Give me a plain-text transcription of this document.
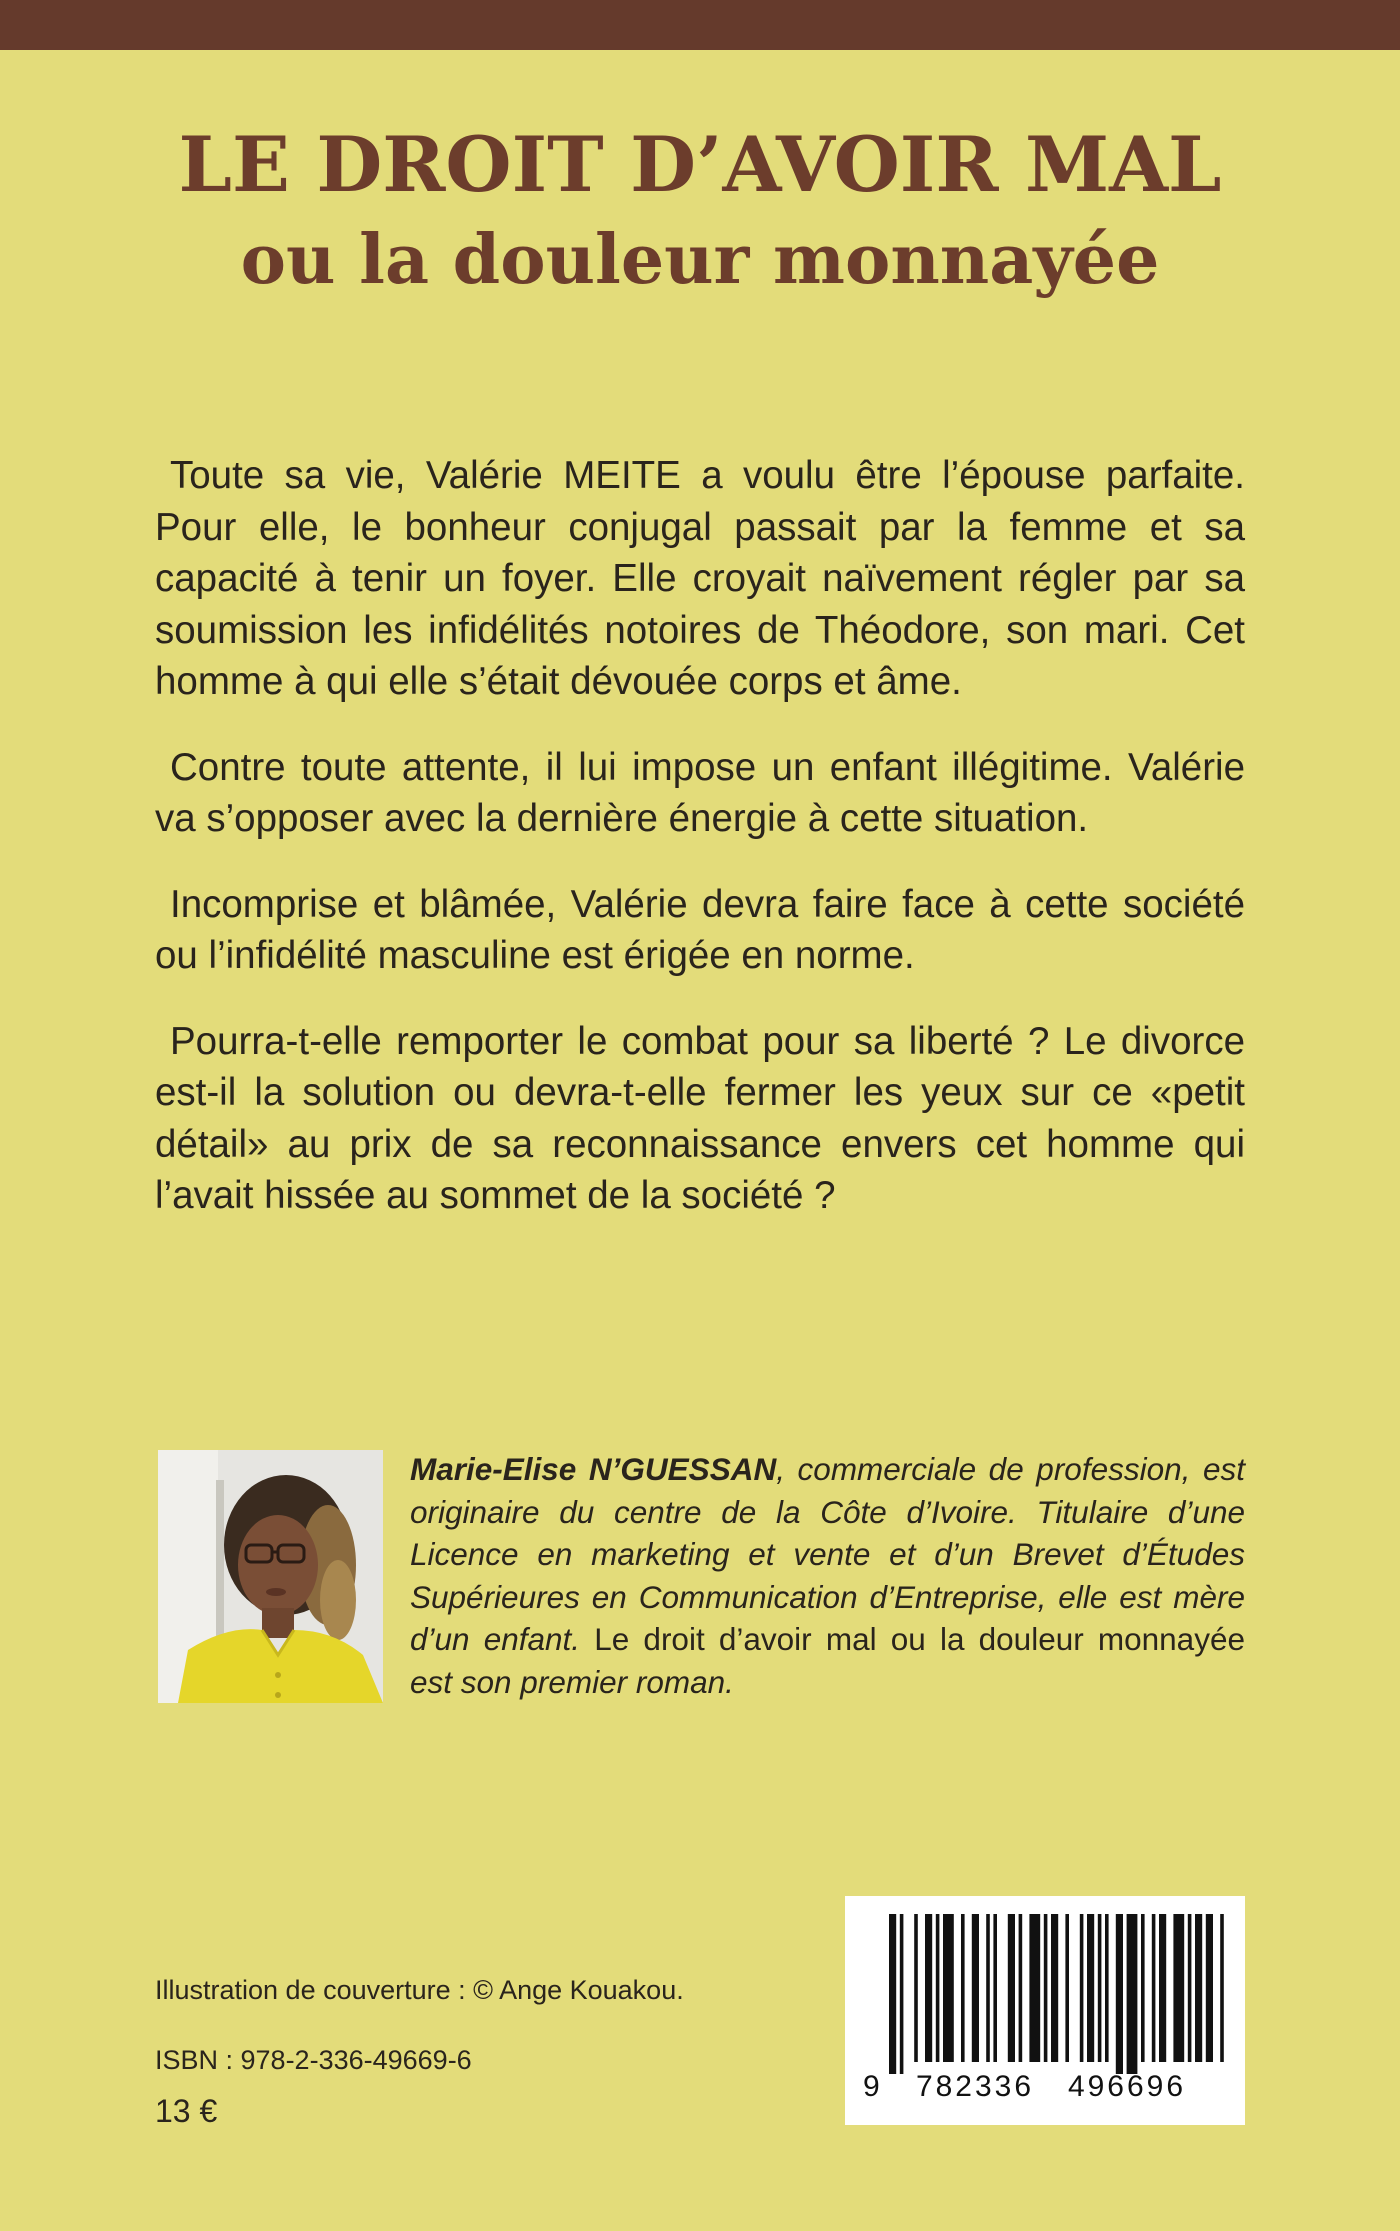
LE DROIT D’AVOIR MAL
ou la douleur monnayée

Toute sa vie, Valérie MEITE a voulu être l’épouse parfaite. Pour elle, le bonheur conjugal passait par la femme et sa capacité à tenir un foyer. Elle croyait naïvement régler par sa soumission les infidélités notoires de Théodore, son mari. Cet homme à qui elle s’était dévouée corps et âme.

Contre toute attente, il lui impose un enfant illégitime. Valérie va s’opposer avec la dernière énergie à cette situation.

Incomprise et blâmée, Valérie devra faire face à cette société ou l’infidélité masculine est érigée en norme.

Pourra-t-elle remporter le combat pour sa liberté ? Le divorce est-il la solution ou devra-t-elle fermer les yeux sur ce «petit détail» au prix de sa reconnaissance envers cet homme qui l’avait hissée au sommet de la société ?

Marie-Elise N’GUESSAN, commerciale de profession, est originaire du centre de la Côte d’Ivoire. Titulaire d’une Licence en marketing et vente et d’un Brevet d’Études Supérieures en Communication d’Entreprise, elle est mère d’un enfant. Le droit d’avoir mal ou la douleur monnayée est son premier roman.
Illustration de couverture : © Ange Kouakou.
ISBN : 978-2-336-49669-6
13 €
9 782336 496696
